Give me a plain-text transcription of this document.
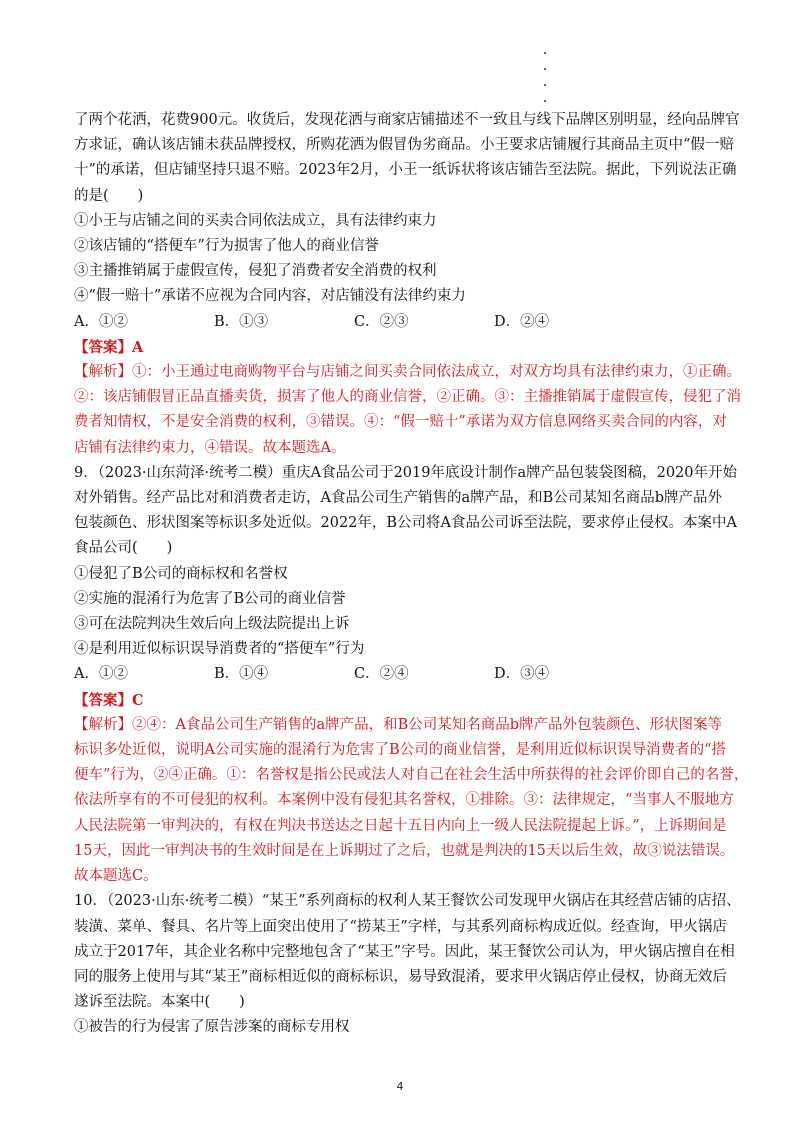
了两个花洒，花费900元。收货后，发现花洒与商家店铺描述不一致且与线下品牌区别明显，经向品牌官
方求证，确认该店铺未获品牌授权，所购花洒为假冒伪劣商品。小王要求店铺履行其商品主页中“假一赔
十”的承诺，但店铺坚持只退不赔。2023年2月，小王一纸诉状将该店铺告至法院。据此，下列说法正确
的是(　　)
①小王与店铺之间的买卖合同依法成立，具有法律约束力
②该店铺的“搭便车”行为损害了他人的商业信誉
③主播推销属于虚假宣传，侵犯了消费者安全消费的权利
④“假一赔十”承诺不应视为合同内容，对店铺没有法律约束力
A．①②	B．①③	C．②③	D．②④
【答案】A
【解析】①：小王通过电商购物平台与店铺之间买卖合同依法成立，对双方均具有法律约束力，①正确。
②：该店铺假冒正品直播卖货，损害了他人的商业信誉，②正确。③：主播推销属于虚假宣传，侵犯了消
费者知情权，不是安全消费的权利，③错误。④：“假一赔十”承诺为双方信息网络买卖合同的内容，对
店铺有法律约束力，④错误。故本题选A。
9．（2023·山东菏泽·统考二模）重庆A食品公司于2019年底设计制作a牌产品包装袋图稿，2020年开始
对外销售。经产品比对和消费者走访，A食品公司生产销售的a牌产品，和B公司某知名商品b牌产品外
包装颜色、形状图案等标识多处近似。2022年，B公司将A食品公司诉至法院，要求停止侵权。本案中A
食品公司(　　)
①侵犯了B公司的商标权和名誉权
②实施的混淆行为危害了B公司的商业信誉
③可在法院判决生效后向上级法院提出上诉
④是利用近似标识误导消费者的“搭便车”行为
A．①②	B．①④	C．②④	D．③④
【答案】C
【解析】②④：A食品公司生产销售的a牌产品，和B公司某知名商品b牌产品外包装颜色、形状图案等
标识多处近似，说明A公司实施的混淆行为危害了B公司的商业信誉，是利用近似标识误导消费者的“搭
便车”行为，②④正确。①：名誉权是指公民或法人对自己在社会生活中所获得的社会评价即自己的名誉，
依法所享有的不可侵犯的权利。本案例中没有侵犯其名誉权，①排除。③：法律规定，“当事人不服地方
人民法院第一审判决的，有权在判决书送达之日起十五日内向上一级人民法院提起上诉。”，上诉期间是
15天，因此一审判决书的生效时间是在上诉期过了之后，也就是判决的15天以后生效，故③说法错误。
故本题选C。
10．（2023·山东·统考二模）“某王”系列商标的权利人某王餐饮公司发现甲火锅店在其经营店铺的店招、
装潢、菜单、餐具、名片等上面突出使用了“捞某王”字样，与其系列商标构成近似。经查询，甲火锅店
成立于2017年，其企业名称中完整地包含了“某王”字号。因此，某王餐饮公司认为，甲火锅店擅自在相
同的服务上使用与其“某王”商标相近似的商标标识，易导致混淆，要求甲火锅店停止侵权，协商无效后
遂诉至法院。本案中(　　)
①被告的行为侵害了原告涉案的商标专用权
4
